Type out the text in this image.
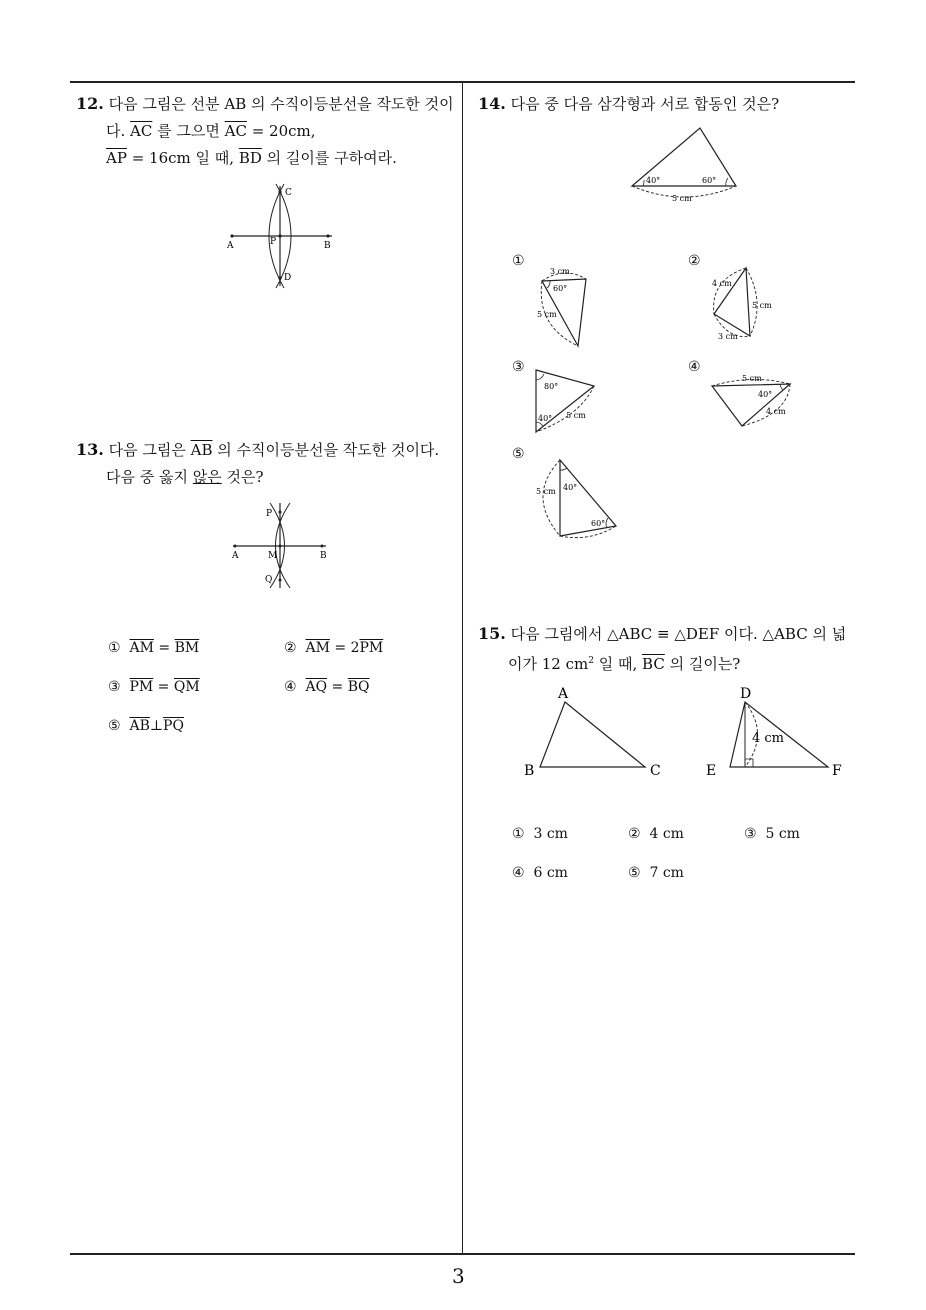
3
12. 다음 그림은 선분 AB 의 수직이등분선을 작도한 것이
다. $\overline{AC}$ 를 그으면 $\overline{AC} = 20cm$,
$\overline{AP} = 16cm$ 일 때, $\overline{BD}$ 의 길이를 구하여라.
C
A	P	B
D
13. 다음 그림은 $\overline{AB}$ 의 수직이등분선을 작도한 것이다.
다음 중 옳지 않은 것은?
P
A	M	B
Q
① $\overline{AM} = \overline{BM}$	② $\overline{AM} = 2\overline{PM}$
③ $\overline{PM} = \overline{QM}$	④ $\overline{AQ} = \overline{BQ}$
⑤ $\overline{AB}\perp\overline{PQ}$
14. 다음 중 다음 삼각형과 서로 합동인 것은?
40°	60°
5 cm
①
3 cm
60°
5 cm
②
4 cm
5 cm
3 cm
③
80°
40° 5 cm
④
5 cm
40°
4 cm
⑤
5 cm 40°
60°
15. 다음 그림에서 △ABC ≡ △DEF 이다. △ABC 의 넓
이가 12 $cm^2$ 일 때, $\overline{BC}$ 의 길이는?
A
B	C
D
E	F
4 cm
① 3 cm	② 4 cm	③ 5 cm
④ 6 cm	⑤ 7 cm
